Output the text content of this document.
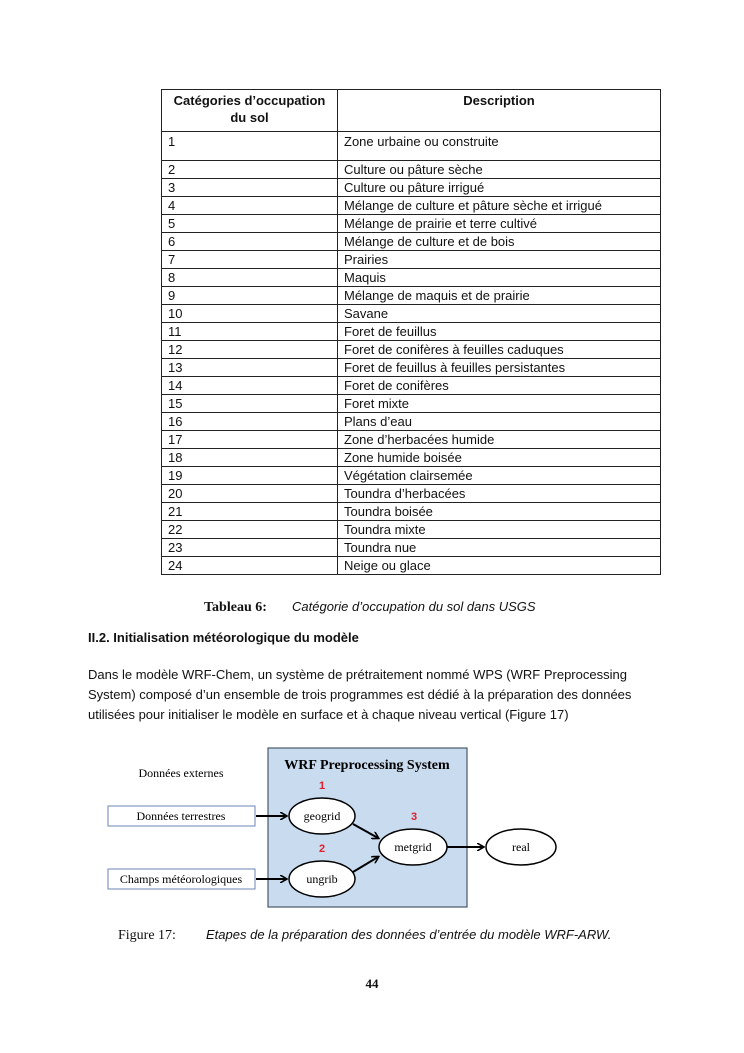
Catégories d’occupation du sol	Description
1	Zone urbaine ou construite
2	Culture ou pâture sèche
3	Culture ou pâture irrigué
4	Mélange de culture et pâture sèche et irrigué
5	Mélange de prairie et terre cultivé
6	Mélange de culture et de bois
7	Prairies
8	Maquis
9	Mélange de maquis et de prairie
10	Savane
11	Foret de feuillus
12	Foret de conifères à feuilles caduques
13	Foret de feuillus à feuilles persistantes
14	Foret de conifères
15	Foret mixte
16	Plans d’eau
17	Zone d’herbacées humide
18	Zone humide boisée
19	Végétation clairsemée
20	Toundra d’herbacées
21	Toundra boisée
22	Toundra mixte
23	Toundra nue
24	Neige ou glace
Tableau 6: Catégorie d’occupation du sol dans USGS
II.2. Initialisation météorologique du modèle
Dans le modèle WRF-Chem, un système de prétraitement nommé WPS (WRF Preprocessing System) composé d’un ensemble de trois programmes est dédié à la préparation des données utilisées pour initialiser le modèle en surface et à chaque niveau vertical (Figure 17)
WRF Preprocessing System
Données externes
Données terrestres
Champs météorologiques
1
2
3
geogrid
ungrib
metgrid	real
Figure 17: Etapes de la préparation des données d’entrée du modèle WRF-ARW.
44
